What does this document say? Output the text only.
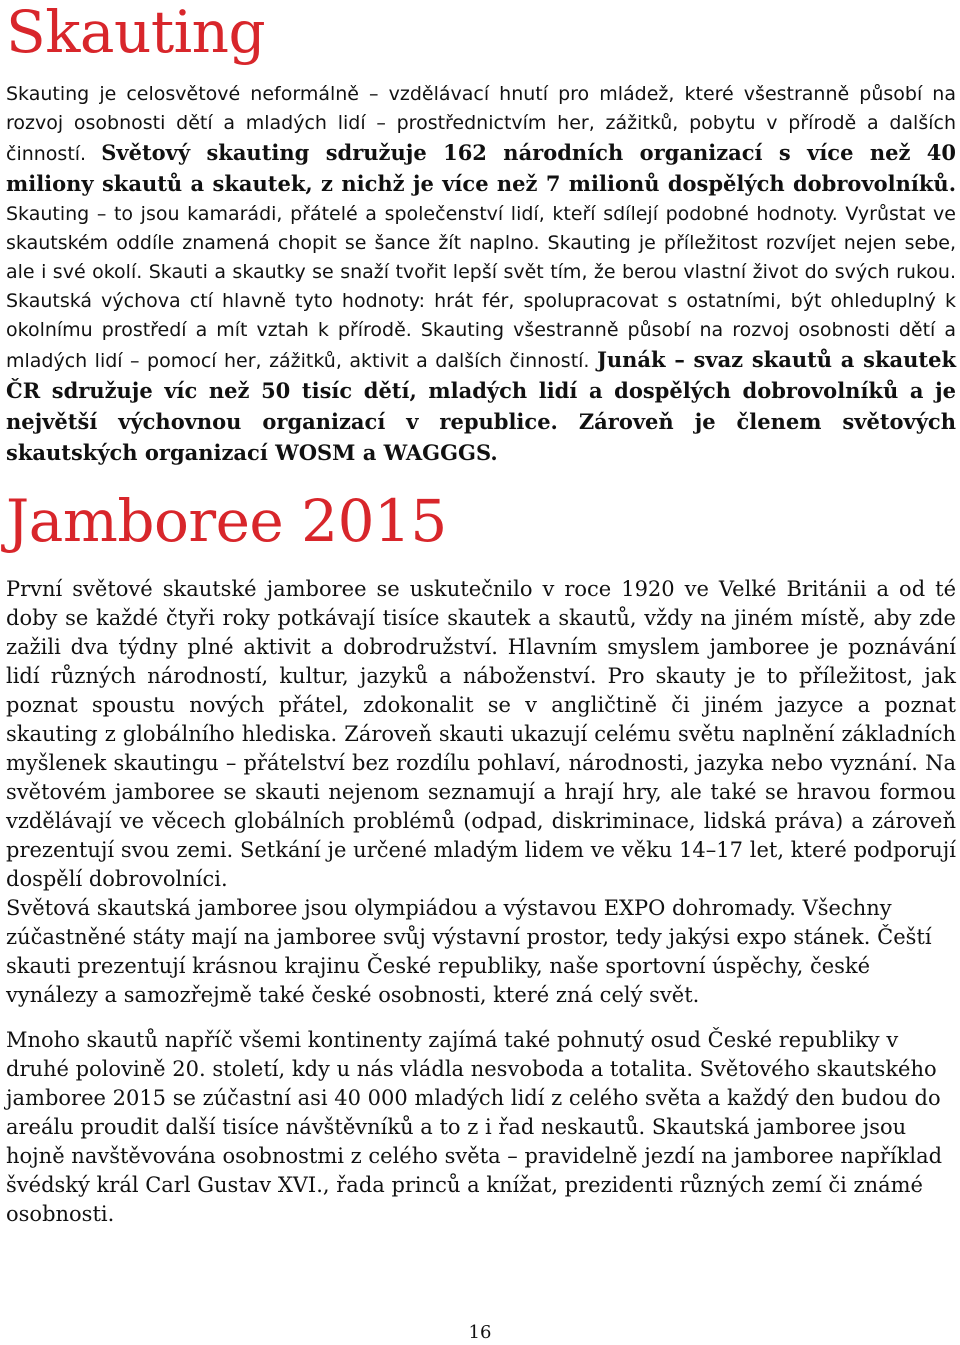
Skauting

Skauting je celosvětové neformálně – vzdělávací hnutí pro mládež, které všestranně působí na rozvoj osobnosti dětí a mladých lidí – prostřednictvím her, zážitků, pobytu v přírodě a dalších činností. Světový skauting sdružuje 162 národních organizací s více než 40 miliony skautů a skautek, z nichž je více než 7 milionů dospělých dobrovolníků. Skauting – to jsou kamarádi, přátelé a společenství lidí, kteří sdílejí podobné hodnoty. Vyrůstat ve skautském oddíle znamená chopit se šance žít naplno. Skauting je příležitost rozvíjet nejen sebe, ale i své okolí. Skauti a skautky se snaží tvořit lepší svět tím, že berou vlastní život do svých rukou. Skautská výchova ctí hlavně tyto hodnoty: hrát fér, spolupracovat s ostatními, být ohleduplný k okolnímu prostředí a mít vztah k přírodě. Skauting všestranně působí na rozvoj osobnosti dětí a mladých lidí – pomocí her, zážitků, aktivit a dalších činností. Junák – svaz skautů a skautek ČR sdružuje víc než 50 tisíc dětí, mladých lidí a dospělých dobrovolníků a je největší výchovnou organizací v republice. Zároveň je členem světových skautských organizací WOSM a WAGGGS.

Jamboree 2015

První světové skautské jamboree se uskutečnilo v roce 1920 ve Velké Británii a od té doby se každé čtyři roky potkávají tisíce skautek a skautů, vždy na jiném místě, aby zde zažili dva týdny plné aktivit a dobrodružství. Hlavním smyslem jamboree je poznávání lidí různých národností, kultur, jazyků a náboženství. Pro skauty je to příležitost, jak poznat spoustu nových přátel, zdokonalit se v angličtině či jiném jazyce a poznat skauting z globálního hlediska. Zároveň skauti ukazují celému světu naplnění základních myšlenek skautingu – přátelství bez rozdílu pohlaví, národnosti, jazyka nebo vyznání. Na světovém jamboree se skauti nejenom seznamují a hrají hry, ale také se hravou formou vzdělávají ve věcech globálních problémů (odpad, diskriminace, lidská práva) a zároveň prezentují svou zemi. Setkání je určené mladým lidem ve věku 14–17 let, které podporují dospělí dobrovolníci.

Světová skautská jamboree jsou olympiádou a výstavou EXPO dohromady. Všechny zúčastněné státy mají na jamboree svůj výstavní prostor, tedy jakýsi expo stánek. Čeští skauti prezentují krásnou krajinu České republiky, naše sportovní úspěchy, české vynálezy a samozřejmě také české osobnosti, které zná celý svět.

Mnoho skautů napříč všemi kontinenty zajímá také pohnutý osud České republiky v druhé polovině 20. století, kdy u nás vládla nesvoboda a totalita. Světového skautského jamboree 2015 se zúčastní asi 40 000 mladých lidí z celého světa a každý den budou do areálu proudit další tisíce návštěvníků a to z i řad neskautů. Skautská jamboree jsou hojně navštěvována osobnostmi z celého světa – pravidelně jezdí na jamboree například švédský král Carl Gustav XVI., řada princů a knížat, prezidenti různých zemí či známé osobnosti.

16
